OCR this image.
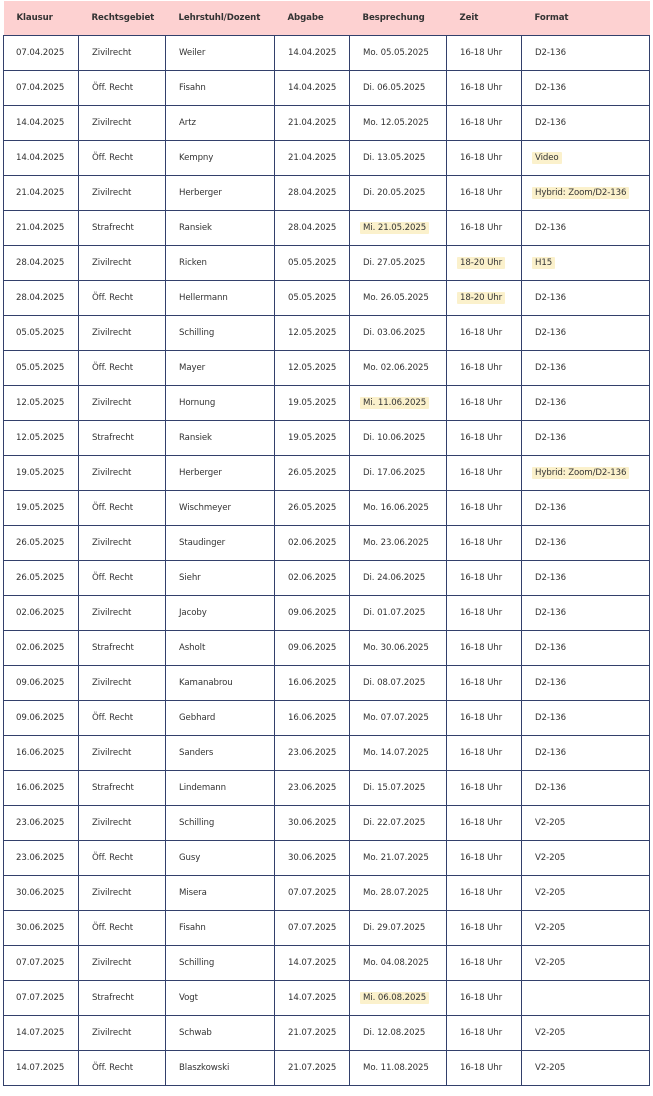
Klausur	Rechtsgebiet	Lehrstuhl/Dozent	Abgabe	Besprechung	Zeit	Format
07.04.2025	Zivilrecht	Weiler	14.04.2025	Mo. 05.05.2025	16-18 Uhr	D2-136
07.04.2025	Öff. Recht	Fisahn	14.04.2025	Di. 06.05.2025	16-18 Uhr	D2-136
14.04.2025	Zivilrecht	Artz	21.04.2025	Mo. 12.05.2025	16-18 Uhr	D2-136
14.04.2025	Öff. Recht	Kempny	21.04.2025	Di. 13.05.2025	16-18 Uhr	Video
21.04.2025	Zivilrecht	Herberger	28.04.2025	Di. 20.05.2025	16-18 Uhr	Hybrid: Zoom/D2-136
21.04.2025	Strafrecht	Ransiek	28.04.2025	Mi. 21.05.2025	16-18 Uhr	D2-136
28.04.2025	Zivilrecht	Ricken	05.05.2025	Di. 27.05.2025	18-20 Uhr	H15
28.04.2025	Öff. Recht	Hellermann	05.05.2025	Mo. 26.05.2025	18-20 Uhr	D2-136
05.05.2025	Zivilrecht	Schilling	12.05.2025	Di. 03.06.2025	16-18 Uhr	D2-136
05.05.2025	Öff. Recht	Mayer	12.05.2025	Mo. 02.06.2025	16-18 Uhr	D2-136
12.05.2025	Zivilrecht	Hornung	19.05.2025	Mi. 11.06.2025	16-18 Uhr	D2-136
12.05.2025	Strafrecht	Ransiek	19.05.2025	Di. 10.06.2025	16-18 Uhr	D2-136
19.05.2025	Zivilrecht	Herberger	26.05.2025	Di. 17.06.2025	16-18 Uhr	Hybrid: Zoom/D2-136
19.05.2025	Öff. Recht	Wischmeyer	26.05.2025	Mo. 16.06.2025	16-18 Uhr	D2-136
26.05.2025	Zivilrecht	Staudinger	02.06.2025	Mo. 23.06.2025	16-18 Uhr	D2-136
26.05.2025	Öff. Recht	Siehr	02.06.2025	Di. 24.06.2025	16-18 Uhr	D2-136
02.06.2025	Zivilrecht	Jacoby	09.06.2025	Di. 01.07.2025	16-18 Uhr	D2-136
02.06.2025	Strafrecht	Asholt	09.06.2025	Mo. 30.06.2025	16-18 Uhr	D2-136
09.06.2025	Zivilrecht	Kamanabrou	16.06.2025	Di. 08.07.2025	16-18 Uhr	D2-136
09.06.2025	Öff. Recht	Gebhard	16.06.2025	Mo. 07.07.2025	16-18 Uhr	D2-136
16.06.2025	Zivilrecht	Sanders	23.06.2025	Mo. 14.07.2025	16-18 Uhr	D2-136
16.06.2025	Strafrecht	Lindemann	23.06.2025	Di. 15.07.2025	16-18 Uhr	D2-136
23.06.2025	Zivilrecht	Schilling	30.06.2025	Di. 22.07.2025	16-18 Uhr	V2-205
23.06.2025	Öff. Recht	Gusy	30.06.2025	Mo. 21.07.2025	16-18 Uhr	V2-205
30.06.2025	Zivilrecht	Misera	07.07.2025	Mo. 28.07.2025	16-18 Uhr	V2-205
30.06.2025	Öff. Recht	Fisahn	07.07.2025	Di. 29.07.2025	16-18 Uhr	V2-205
07.07.2025	Zivilrecht	Schilling	14.07.2025	Mo. 04.08.2025	16-18 Uhr	V2-205
07.07.2025	Strafrecht	Vogt	14.07.2025	Mi. 06.08.2025	16-18 Uhr	
14.07.2025	Zivilrecht	Schwab	21.07.2025	Di. 12.08.2025	16-18 Uhr	V2-205
14.07.2025	Öff. Recht	Blaszkowski	21.07.2025	Mo. 11.08.2025	16-18 Uhr	V2-205
